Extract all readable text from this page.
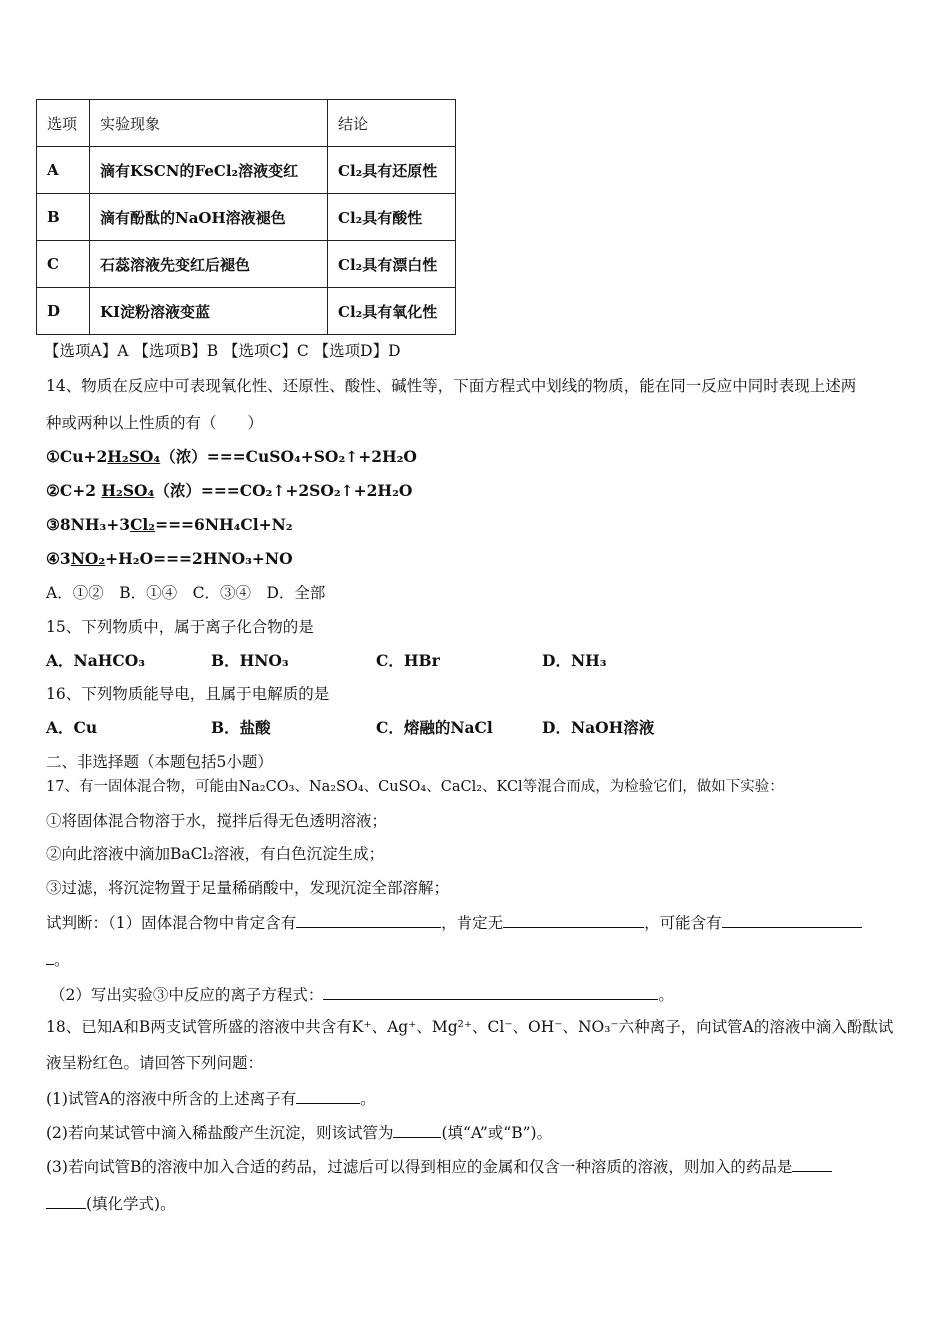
选项	实验现象	结论
A	滴有KSCN的FeCl₂溶液变红	Cl₂具有还原性
B	滴有酚酞的NaOH溶液褪色	Cl₂具有酸性
C	石蕊溶液先变红后褪色	Cl₂具有漂白性
D	KI淀粉溶液变蓝	Cl₂具有氧化性
【选项A】A 【选项B】B 【选项C】C 【选项D】D
14、物质在反应中可表现氧化性、还原性、酸性、碱性等，下面方程式中划线的物质，能在同一反应中同时表现上述两
种或两种以上性质的有（　　）
①Cu+2H₂SO₄（浓）===CuSO₄+SO₂↑+2H₂O
②C+2 H₂SO₄（浓）===CO₂↑+2SO₂↑+2H₂O
③8NH₃+3Cl₂===6NH₄Cl+N₂
④3NO₂+H₂O===2HNO₃+NO
A．①②　B．①④　C．③④　D．全部
15、下列物质中，属于离子化合物的是
A．NaHCO₃	B．HNO₃	C．HBr	D．NH₃
16、下列物质能导电，且属于电解质的是
A．Cu	B．盐酸	C．熔融的NaCl	D．NaOH溶液
二、非选择题（本题包括5小题）
17、有一固体混合物，可能由Na₂CO₃、Na₂SO₄、CuSO₄、CaCl₂、KCl等混合而成，为检验它们，做如下实验：
①将固体混合物溶于水，搅拌后得无色透明溶液；
②向此溶液中滴加BaCl₂溶液，有白色沉淀生成；
③过滤，将沉淀物置于足量稀硝酸中，发现沉淀全部溶解；
试判断：（1）固体混合物中肯定含有	，肯定无	，可能含有
。
（2）写出实验③中反应的离子方程式：	。
18、已知A和B两支试管所盛的溶液中共含有K⁺、Ag⁺、Mg²⁺、Cl⁻、OH⁻、NO₃⁻六种离子，向试管A的溶液中滴入酚酞试
液呈粉红色。请回答下列问题：
(1)试管A的溶液中所含的上述离子有	。
(2)若向某试管中滴入稀盐酸产生沉淀，则该试管为	(填“A”或“B”)。
(3)若向试管B的溶液中加入合适的药品，过滤后可以得到相应的金属和仅含一种溶质的溶液，则加入的药品是
(填化学式)。
